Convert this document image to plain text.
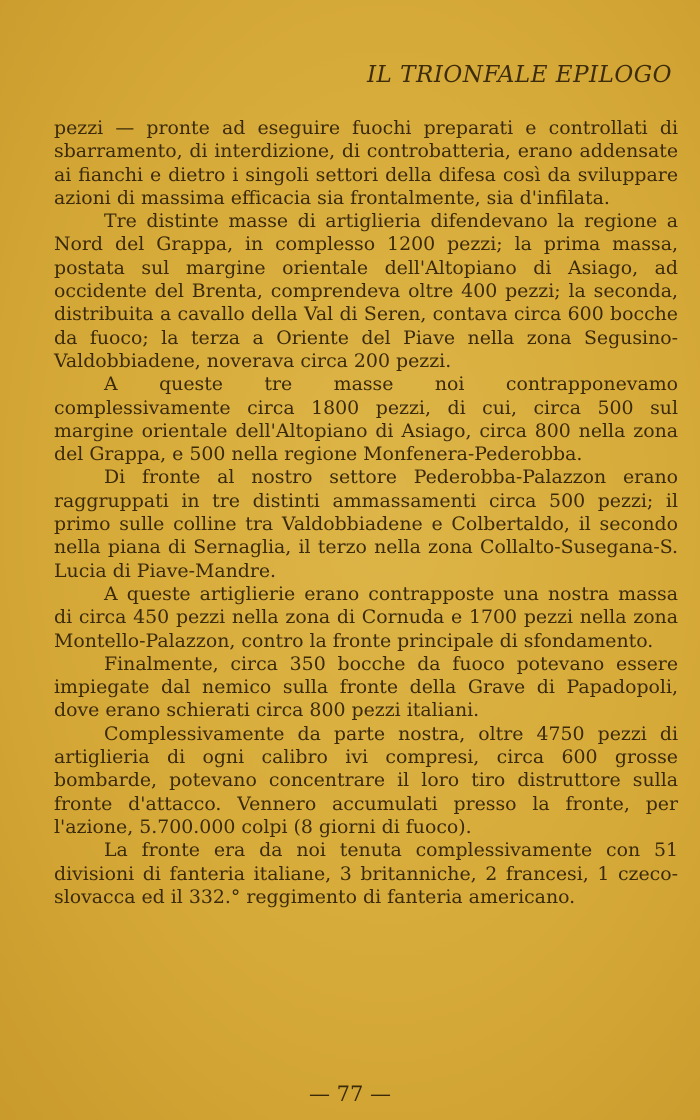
IL TRIONFALE EPILOGO

pezzi — pronte ad eseguire fuochi preparati e controllati di sbarramento, di interdizione, di controbatteria, erano addensate ai fianchi e dietro i singoli settori della difesa così da sviluppare azioni di massima efficacia sia frontalmente, sia d'infilata.

Tre distinte masse di artiglieria difendevano la regione a Nord del Grappa, in complesso 1200 pezzi; la prima massa, postata sul margine orientale dell'Altopiano di Asiago, ad occidente del Brenta, comprendeva oltre 400 pezzi; la seconda, distribuita a cavallo della Val di Seren, contava circa 600 bocche da fuoco; la terza a Oriente del Piave nella zona Segusino-Valdobbiadene, noverava circa 200 pezzi.

A queste tre masse noi contrapponevamo complessivamente circa 1800 pezzi, di cui, circa 500 sul margine orientale dell'Altopiano di Asiago, circa 800 nella zona del Grappa, e 500 nella regione Monfenera-Pederobba.

Di fronte al nostro settore Pederobba-Palazzon erano raggruppati in tre distinti ammassamenti circa 500 pezzi; il primo sulle colline tra Valdobbiadene e Colbertaldo, il secondo nella piana di Sernaglia, il terzo nella zona Collalto-Susegana-S. Lucia di Piave-Mandre.

A queste artiglierie erano contrapposte una nostra massa di circa 450 pezzi nella zona di Cornuda e 1700 pezzi nella zona Montello-Palazzon, contro la fronte principale di sfondamento.

Finalmente, circa 350 bocche da fuoco potevano essere impiegate dal nemico sulla fronte della Grave di Papadopoli, dove erano schierati circa 800 pezzi italiani.

Complessivamente da parte nostra, oltre 4750 pezzi di artiglieria di ogni calibro ivi compresi, circa 600 grosse bombarde, potevano concentrare il loro tiro distruttore sulla fronte d'attacco. Vennero accumulati presso la fronte, per l'azione, 5.700.000 colpi (8 giorni di fuoco).

La fronte era da noi tenuta complessivamente con 51 divisioni di fanteria italiane, 3 britanniche, 2 francesi, 1 czeco-slovacca ed il 332.° reggimento di fanteria americano.

— 77 —
